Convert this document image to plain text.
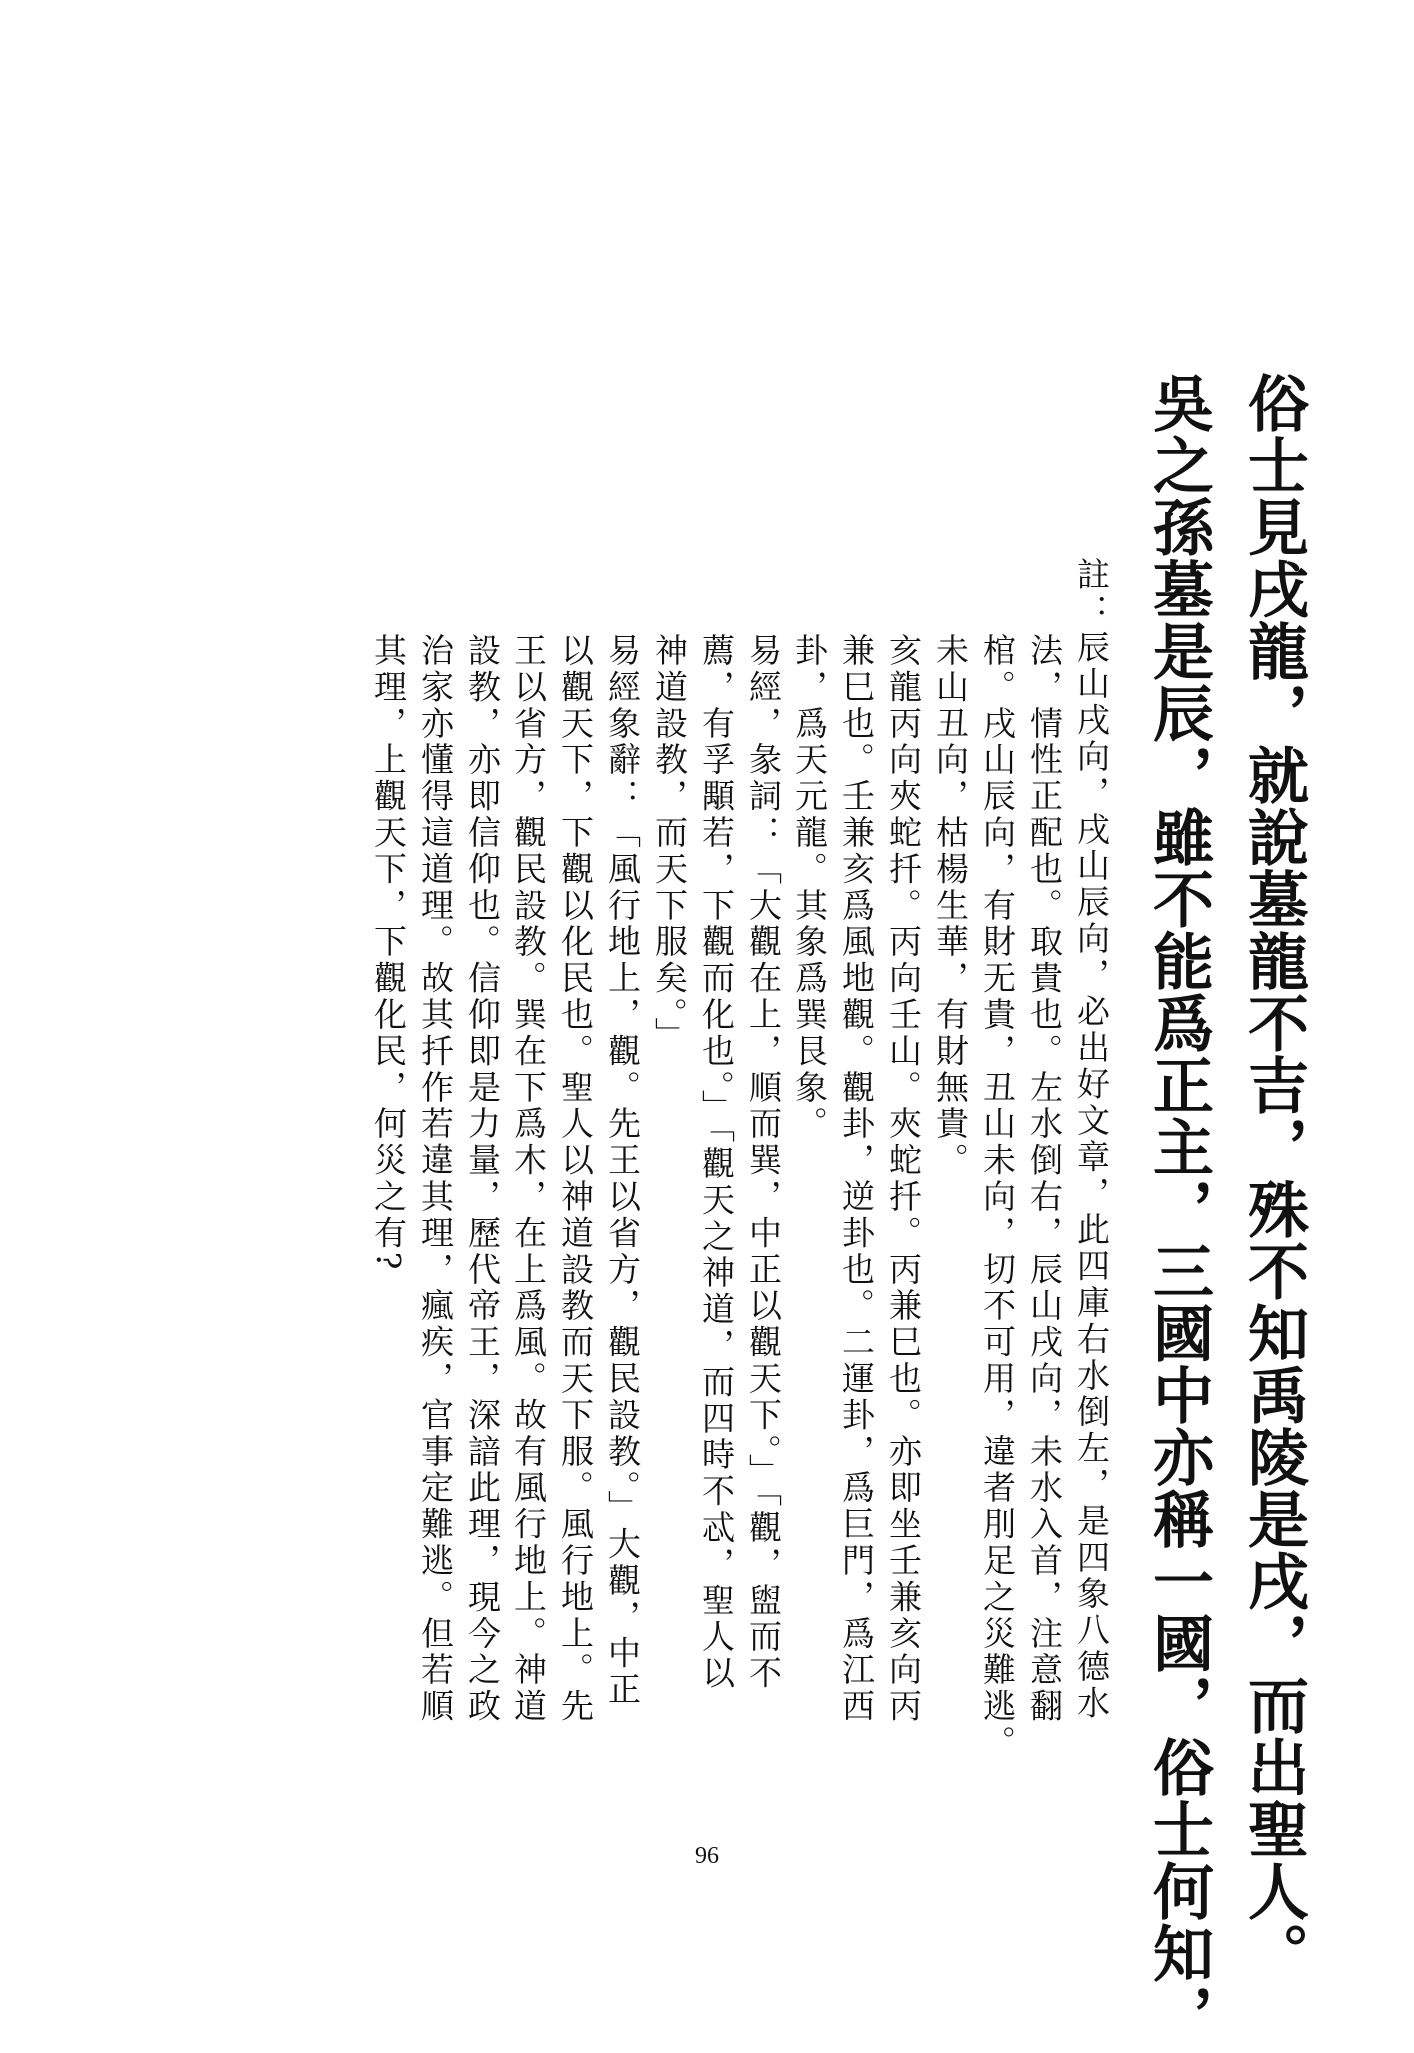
俗士見戌龍，就說墓龍不吉，殊不知禹陵是戌，而出聖人。
吳之孫墓是辰，雖不能爲正主，三國中亦稱一國，俗士何知，
註：辰山戌向，戌山辰向，必出好文章，此四庫右水倒左，是四象八德水
法，情性正配也。取貴也。左水倒右，辰山戌向，未水入首，注意翻
棺。戌山辰向，有財无貴，丑山未向，切不可用，違者刖足之災難逃。
未山丑向，枯楊生華，有財無貴。
亥龍丙向夾蛇扦。丙向壬山。夾蛇扦。丙兼巳也。亦即坐壬兼亥向丙
兼巳也。壬兼亥爲風地觀。觀卦，逆卦也。二運卦，爲巨門，爲江西
卦，爲天元龍。其象爲巽艮象。
易經，彖詞：「大觀在上，順而巽，中正以觀天下。」「觀，盥而不
薦，有孚顒若，下觀而化也。」「觀天之神道，而四時不忒，聖人以
神道設教，而天下服矣。」
易經象辭：「風行地上，觀。先王以省方，觀民設教。」大觀，中正
以觀天下，下觀以化民也。聖人以神道設教而天下服。風行地上。先
王以省方，觀民設教。巽在下爲木，在上爲風。故有風行地上。神道
設教，亦即信仰也。信仰即是力量，歷代帝王，深諳此理，現今之政
治家亦懂得這道理。故其扦作若違其理，瘋疾，官事定難逃。但若順
其理，上觀天下，下觀化民，何災之有?
96
